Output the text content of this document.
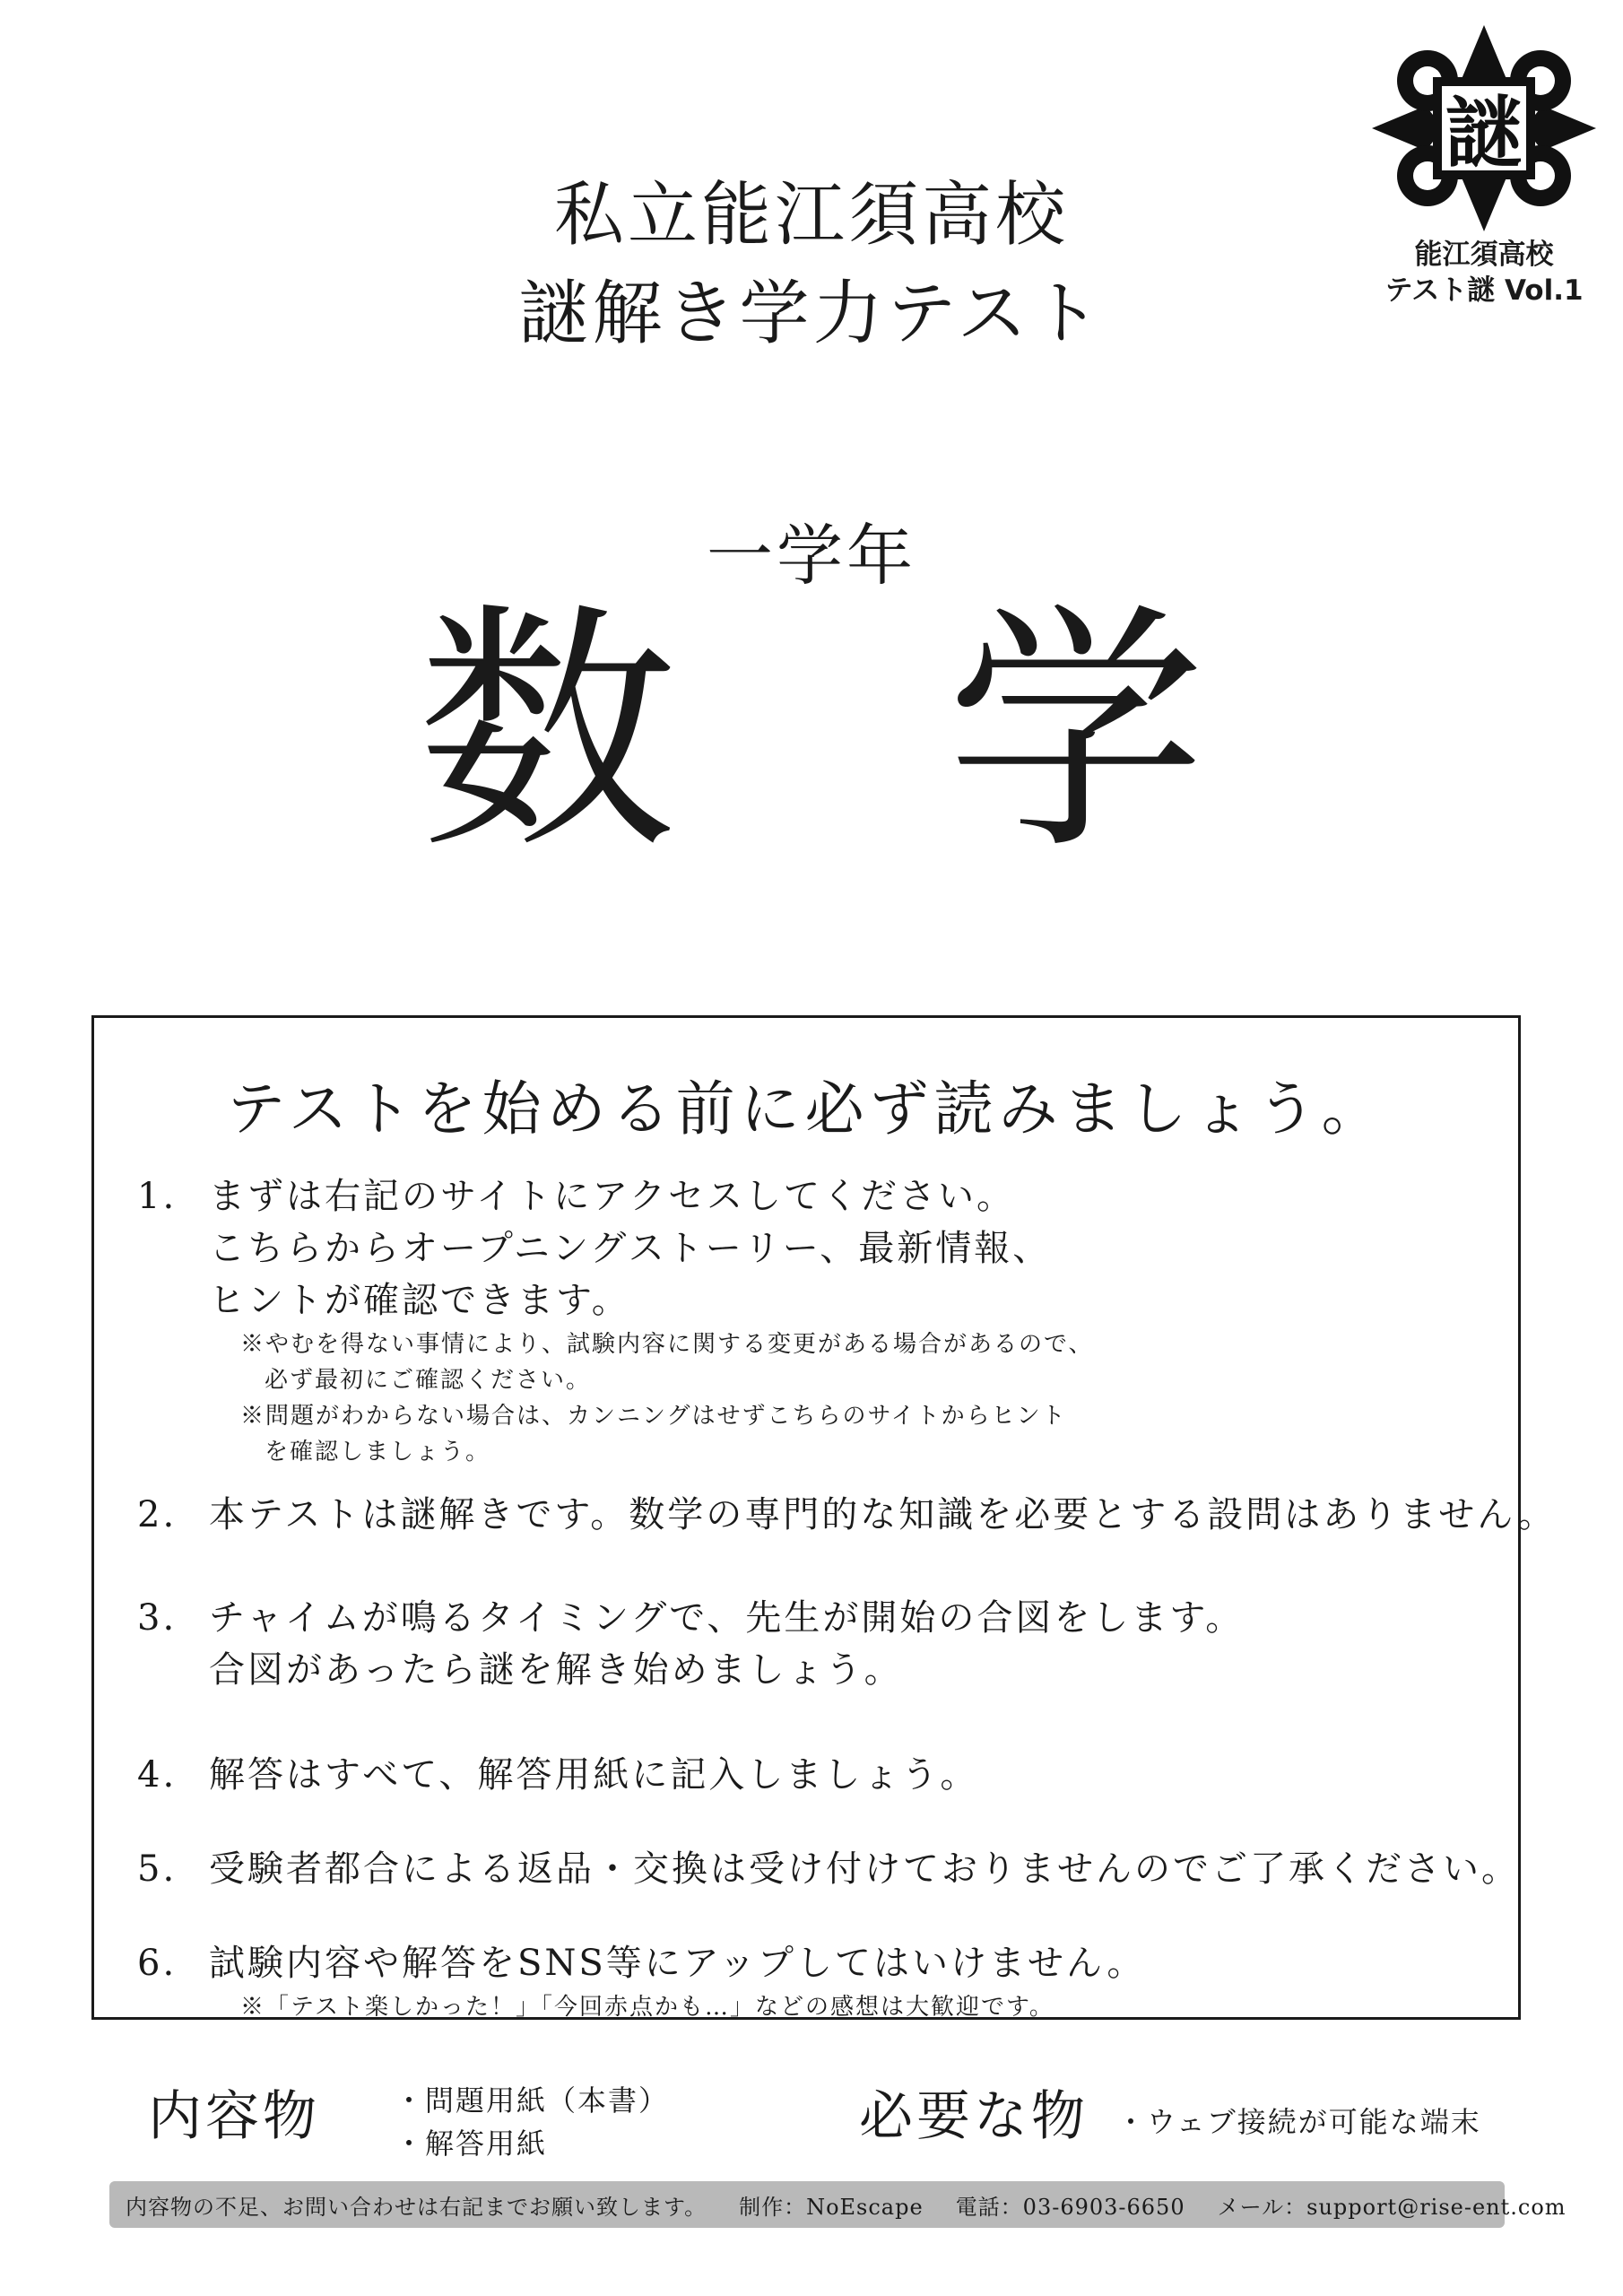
私立能江須高校
謎解き学力テスト
謎
能江須高校
テスト謎 Vol.1
一学年
数 学
テストを始める前に必ず読みましょう。
1. まずは右記のサイトにアクセスしてください。
こちらからオープニングストーリー、最新情報、
ヒントが確認できます。
※やむを得ない事情により、試験内容に関する変更がある場合があるので、
必ず最初にご確認ください。
※問題がわからない場合は、カンニングはせずこちらのサイトからヒント
を確認しましょう。
2. 本テストは謎解きです。数学の専門的な知識を必要とする設問はありません。
3. チャイムが鳴るタイミングで、先生が開始の合図をします。
合図があったら謎を解き始めましょう。
4. 解答はすべて、解答用紙に記入しましょう。
5. 受験者都合による返品・交換は受け付けておりませんのでご了承ください。
6. 試験内容や解答をSNS等にアップしてはいけません。
※「テスト楽しかった！」「今回赤点かも…」などの感想は大歓迎です。
内容物	・問題用紙（本書）
・解答用紙	必要な物 ・ウェブ接続が可能な端末
内容物の不足、お問い合わせは右記までお願い致します。	制作：NoEscape	電話：03-6903-6650	メール：support@rise-ent.com
